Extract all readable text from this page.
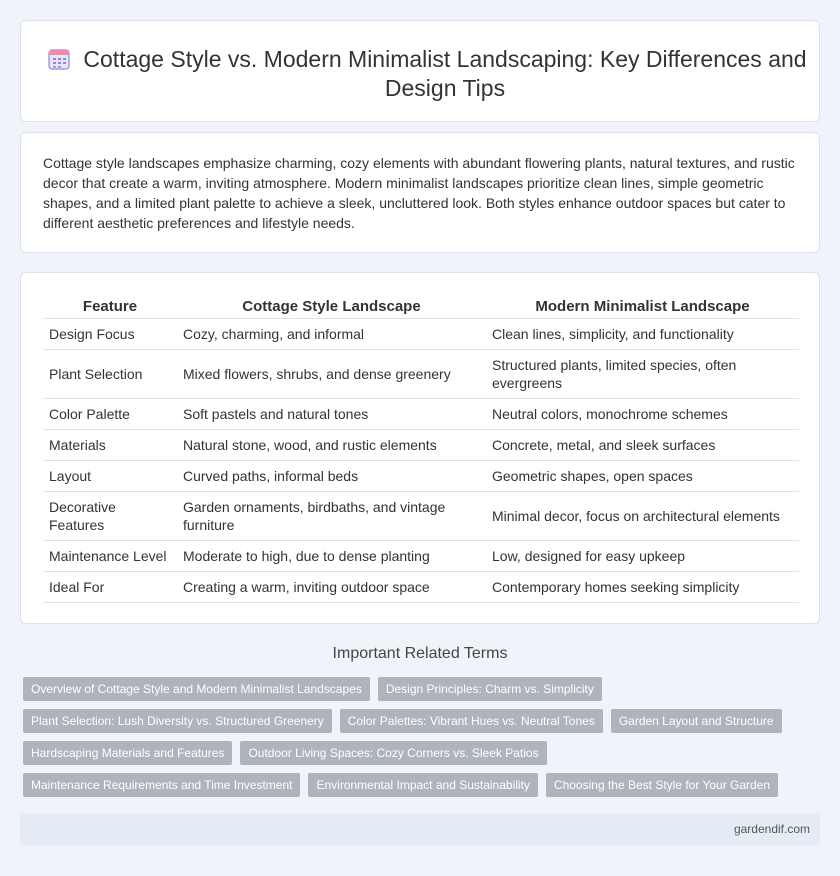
Cottage Style vs. Modern Minimalist Landscaping: Key Differences and Design Tips

Cottage style landscapes emphasize charming, cozy elements with abundant flowering plants, natural textures, and rustic decor that create a warm, inviting atmosphere. Modern minimalist landscapes prioritize clean lines, simple geometric shapes, and a limited plant palette to achieve a sleek, uncluttered look. Both styles enhance outdoor spaces but cater to different aesthetic preferences and lifestyle needs.

Feature	Cottage Style Landscape	Modern Minimalist Landscape
Design Focus	Cozy, charming, and informal	Clean lines, simplicity, and functionality
Plant Selection	Mixed flowers, shrubs, and dense greenery	Structured plants, limited species, often evergreens
Color Palette	Soft pastels and natural tones	Neutral colors, monochrome schemes
Materials	Natural stone, wood, and rustic elements	Concrete, metal, and sleek surfaces
Layout	Curved paths, informal beds	Geometric shapes, open spaces
Decorative Features	Garden ornaments, birdbaths, and vintage furniture	Minimal decor, focus on architectural elements
Maintenance Level	Moderate to high, due to dense planting	Low, designed for easy upkeep
Ideal For	Creating a warm, inviting outdoor space	Contemporary homes seeking simplicity
Important Related Terms
Overview of Cottage Style and Modern Minimalist Landscapes	Design Principles: Charm vs. Simplicity
Plant Selection: Lush Diversity vs. Structured Greenery	Color Palettes: Vibrant Hues vs. Neutral Tones	Garden Layout and Structure
Hardscaping Materials and Features	Outdoor Living Spaces: Cozy Corners vs. Sleek Patios
Maintenance Requirements and Time Investment	Environmental Impact and Sustainability	Choosing the Best Style for Your Garden
gardendif.com
